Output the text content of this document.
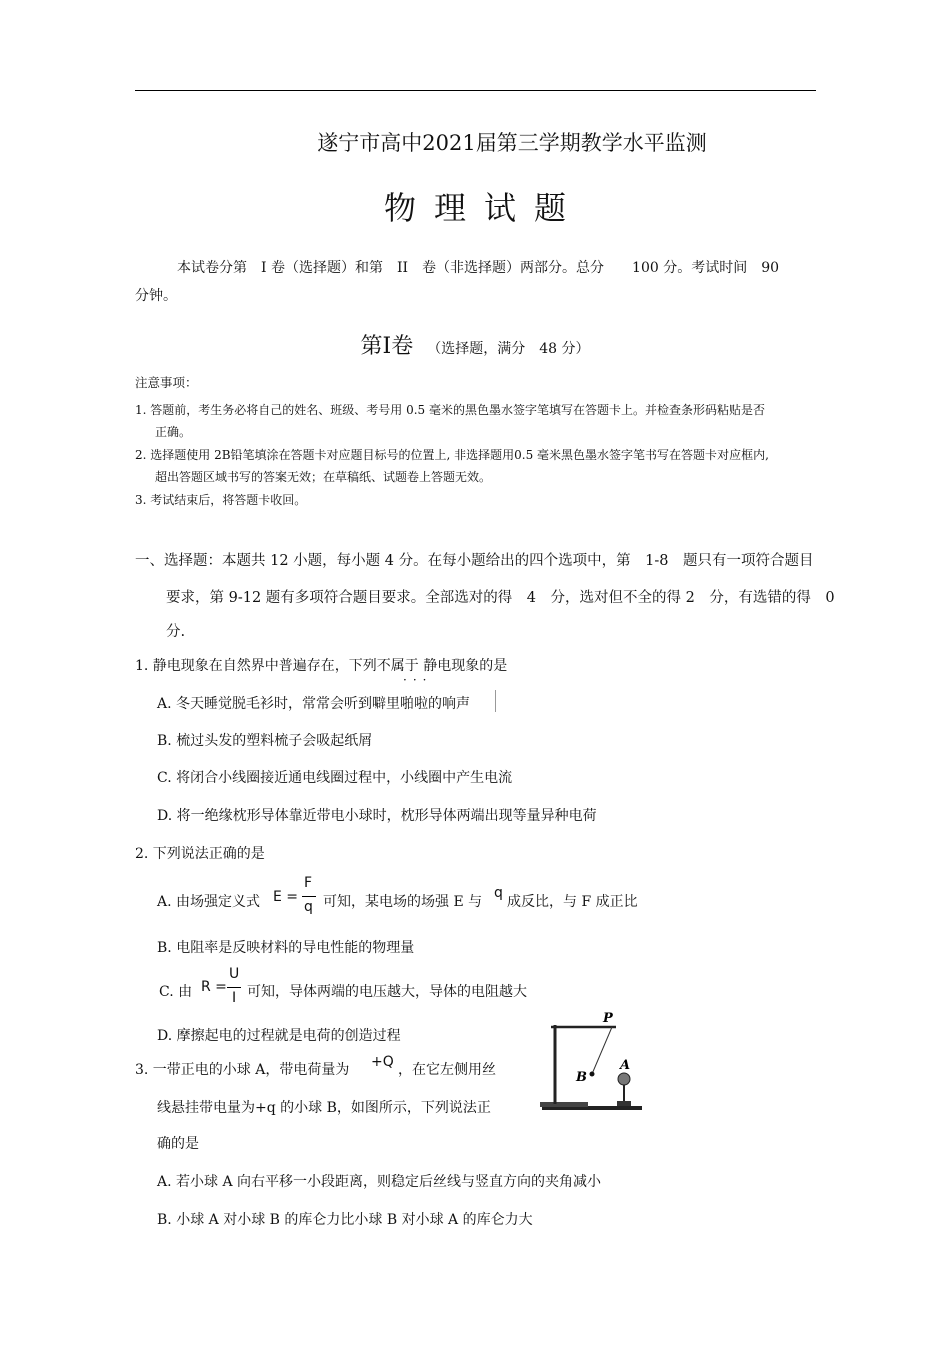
遂宁市高中2021届第三学期教学水平监测
物理试题
本试卷分第　I 卷（选择题）和第　II　卷（非选择题）两部分。总分　　100 分。考试时间　90
分钟。
第Ⅰ卷 （选择题，满分　48 分）
注意事项：
1. 答题前，考生务必将自己的姓名、班级、考号用 0.5 毫米的黑色墨水签字笔填写在答题卡上。并检查条形码粘贴是否
正确。
2. 选择题使用 2B铅笔填涂在答题卡对应题目标号的位置上, 非选择题用0.5 毫米黑色墨水签字笔书写在答题卡对应框内,
超出答题区域书写的答案无效；在草稿纸、试题卷上答题无效。
3. 考试结束后，将答题卡收回。
一、选择题：本题共 12 小题，每小题 4 分。在每小题给出的四个选项中，第　1-8　题只有一项符合题目
要求，第 9-12 题有多项符合题目要求。全部选对的得　4　分，选对但不全的得 2　分，有选错的得　0
分.
1. 静电现象在自然界中普遍存在，下列不属于 静电现象的是
···
A. 冬天睡觉脱毛衫时，常常会听到噼里啪啦的响声
B. 梳过头发的塑料梳子会吸起纸屑
C. 将闭合小线圈接近通电线圈过程中，小线圈中产生电流
D. 将一绝缘枕形导体靠近带电小球时，枕形导体两端出现等量异种电荷
2. 下列说法正确的是
A. 由场强定义式 E =
F
q 可知，某电场的场强 E 与
q
成反比，与 F 成正比
B. 电阻率是反映材料的导电性能的物理量
C. 由 R =
U
I 可知，导体两端的电压越大，导体的电阻越大
D. 摩擦起电的过程就是电荷的创造过程
3. 一带正电的小球 A，带电荷量为 +Q ，在它左侧用丝
线悬挂带电量为+q 的小球 B，如图所示，下列说法正
确的是
P
A
B
A. 若小球 A 向右平移一小段距离，则稳定后丝线与竖直方向的夹角减小
B. 小球 A 对小球 B 的库仑力比小球 B 对小球 A 的库仑力大
